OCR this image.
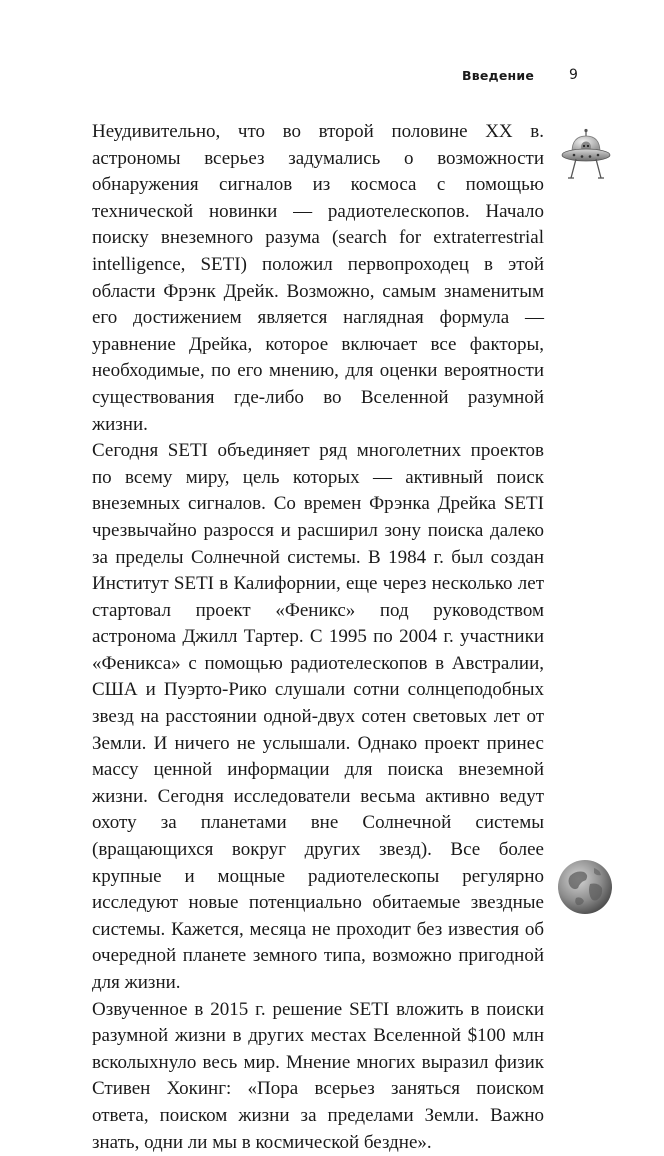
Введение	9

Неудивительно, что во второй половине XX в. астрономы всерьез задумались о возможности обнаружения сигналов из космоса с помощью технической новинки — радиотелескопов. Начало поиску внеземного разума (search for extraterrestrial intelligence, SETI) положил первопроходец в этой области Фрэнк Дрейк. Возможно, самым знаменитым его достижением является наглядная формула — уравнение Дрейка, которое включает все факторы, необходимые, по его мнению, для оценки вероятности существования где-либо во Вселенной разумной жизни.

Сегодня SETI объединяет ряд многолетних проектов по всему миру, цель которых — активный поиск внеземных сигналов. Со времен Фрэнка Дрейка SETI чрезвычайно разросся и расширил зону поиска далеко за пределы Солнечной системы. В 1984 г. был создан Институт SETI в Калифорнии, еще через несколько лет стартовал проект «Феникс» под руководством астронома Джилл Тартер. С 1995 по 2004 г. участники «Феникса» с помощью радиотелескопов в Австралии, США и Пуэрто-Рико слушали сотни солнцеподобных звезд на расстоянии одной-двух сотен световых лет от Земли. И ничего не услышали. Однако проект принес массу ценной информации для поиска внеземной жизни. Сегодня исследователи весьма активно ведут охоту за планетами вне Солнечной системы (вращающихся вокруг других звезд). Все более крупные и мощные радиотелескопы регулярно исследуют новые потенциально обитаемые звездные системы. Кажется, месяца не проходит без известия об очередной планете земного типа, возможно пригодной для жизни.

Озвученное в 2015 г. решение SETI вложить в поиски разумной жизни в других местах Вселенной $100 млн всколыхнуло весь мир. Мнение многих выразил физик Стивен Хокинг: «Пора всерьез заняться поиском ответа, поиском жизни за пределами Земли. Важно знать, одни ли мы в космической бездне».
